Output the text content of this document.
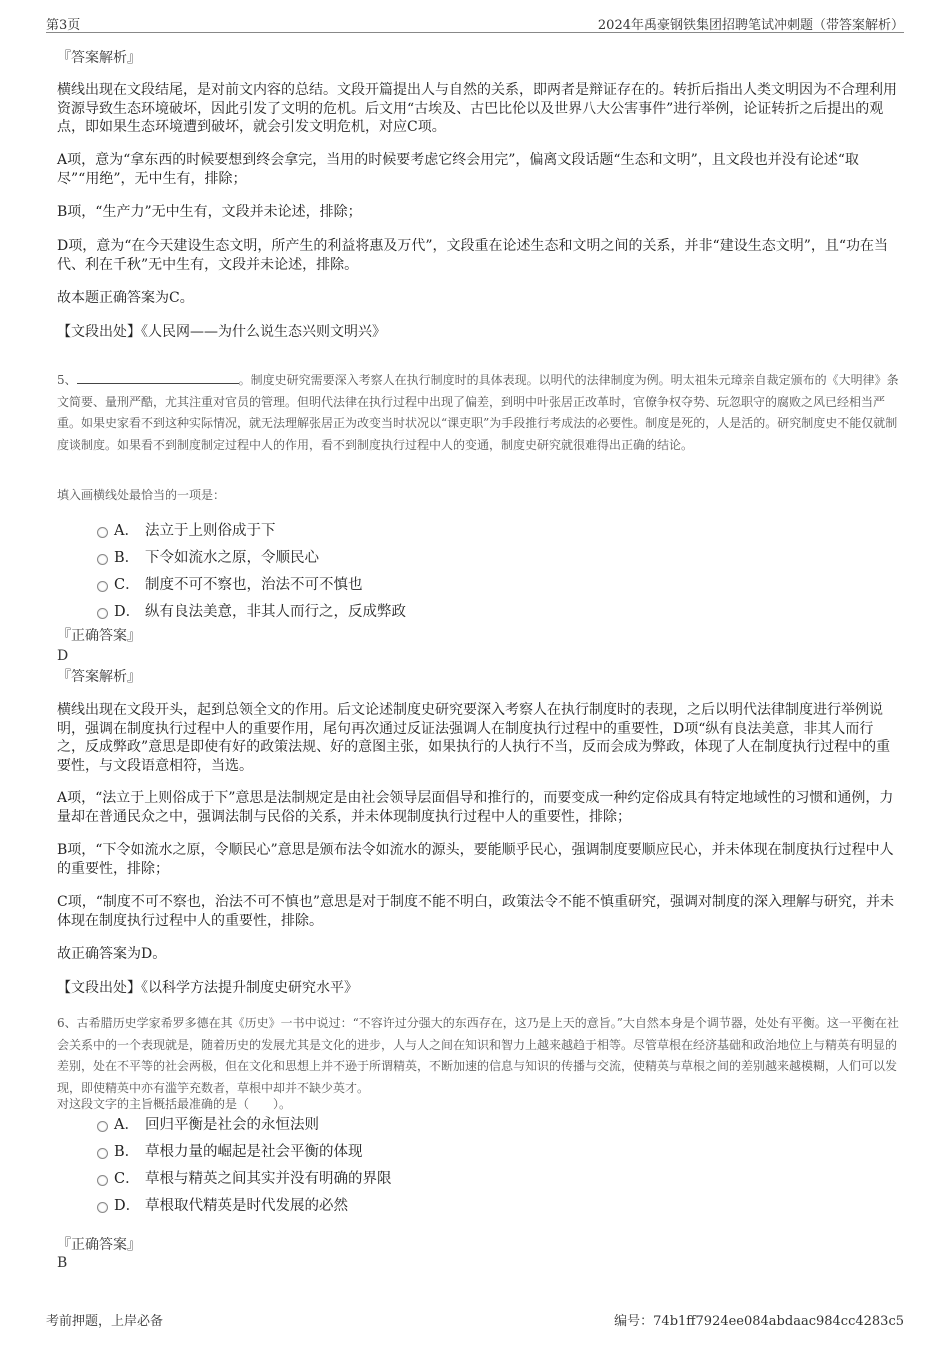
第3页	2024年禹豪钢铁集团招聘笔试冲刺题（带答案解析）

『答案解析』

横线出现在文段结尾，是对前文内容的总结。文段开篇提出人与自然的关系，即两者是辩证存在的。转折后指出人类文明因为不合理利用资源导致生态环境破坏，因此引发了文明的危机。后文用“古埃及、古巴比伦以及世界八大公害事件”进行举例，论证转折之后提出的观点，即如果生态环境遭到破坏，就会引发文明危机，对应C项。

A项，意为“拿东西的时候要想到终会拿完，当用的时候要考虑它终会用完”，偏离文段话题“生态和文明”，且文段也并没有论述“取尽”“用绝”，无中生有，排除；

B项，“生产力”无中生有，文段并未论述，排除；

D项，意为“在今天建设生态文明，所产生的利益将惠及万代”，文段重在论述生态和文明之间的关系，并非“建设生态文明”，且“功在当代、利在千秋”无中生有，文段并未论述，排除。

故本题正确答案为C。

【文段出处】《人民网——为什么说生态兴则文明兴》

5、	。制度史研究需要深入考察人在执行制度时的具体表现。以明代的法律制度为例。明太祖朱元璋亲自裁定颁布的《大明律》条文简要、量刑严酷，尤其注重对官员的管理。但明代法律在执行过程中出现了偏差，到明中叶张居正改革时，官僚争权夺势、玩忽职守的腐败之风已经相当严重。如果史家看不到这种实际情况，就无法理解张居正为改变当时状况以“课吏职”为手段推行考成法的必要性。制度是死的，人是活的。研究制度史不能仅就制度谈制度。如果看不到制度制定过程中人的作用，看不到制度执行过程中人的变通，制度史研究就很难得出正确的结论。

填入画横线处最恰当的一项是：

A． 法立于上则俗成于下
B． 下令如流水之原，令顺民心
C． 制度不可不察也，治法不可不慎也
D． 纵有良法美意，非其人而行之，反成弊政

『正确答案』

D

『答案解析』

横线出现在文段开头，起到总领全文的作用。后文论述制度史研究要深入考察人在执行制度时的表现，之后以明代法律制度进行举例说明，强调在制度执行过程中人的重要作用，尾句再次通过反证法强调人在制度执行过程中的重要性，D项“纵有良法美意，非其人而行之，反成弊政”意思是即使有好的政策法规、好的意图主张，如果执行的人执行不当，反而会成为弊政，体现了人在制度执行过程中的重要性，与文段语意相符，当选。

A项，“法立于上则俗成于下”意思是法制规定是由社会领导层面倡导和推行的，而要变成一种约定俗成具有特定地域性的习惯和通例，力量却在普通民众之中，强调法制与民俗的关系，并未体现制度执行过程中人的重要性，排除；

B项，“下令如流水之原，令顺民心”意思是颁布法令如流水的源头，要能顺乎民心，强调制度要顺应民心，并未体现在制度执行过程中人的重要性，排除；

C项，“制度不可不察也，治法不可不慎也”意思是对于制度不能不明白，政策法令不能不慎重研究，强调对制度的深入理解与研究，并未体现在制度执行过程中人的重要性，排除。

故正确答案为D。

【文段出处】《以科学方法提升制度史研究水平》

6、古希腊历史学家希罗多德在其《历史》一书中说过：“不容许过分强大的东西存在，这乃是上天的意旨。”大自然本身是个调节器，处处有平衡。这一平衡在社会关系中的一个表现就是，随着历史的发展尤其是文化的进步，人与人之间在知识和智力上越来越趋于相等。尽管草根在经济基础和政治地位上与精英有明显的差别，处在不平等的社会两极，但在文化和思想上并不逊于所谓精英，不断加速的信息与知识的传播与交流，使精英与草根之间的差别越来越模糊，人们可以发现，即使精英中亦有滥竽充数者，草根中却并不缺少英才。

对这段文字的主旨概括最准确的是（　　）。

A． 回归平衡是社会的永恒法则
B． 草根力量的崛起是社会平衡的体现
C． 草根与精英之间其实并没有明确的界限
D． 草根取代精英是时代发展的必然

『正确答案』

B

考前押题，上岸必备	编号：74b1ff7924ee084abdaac984cc4283c5
